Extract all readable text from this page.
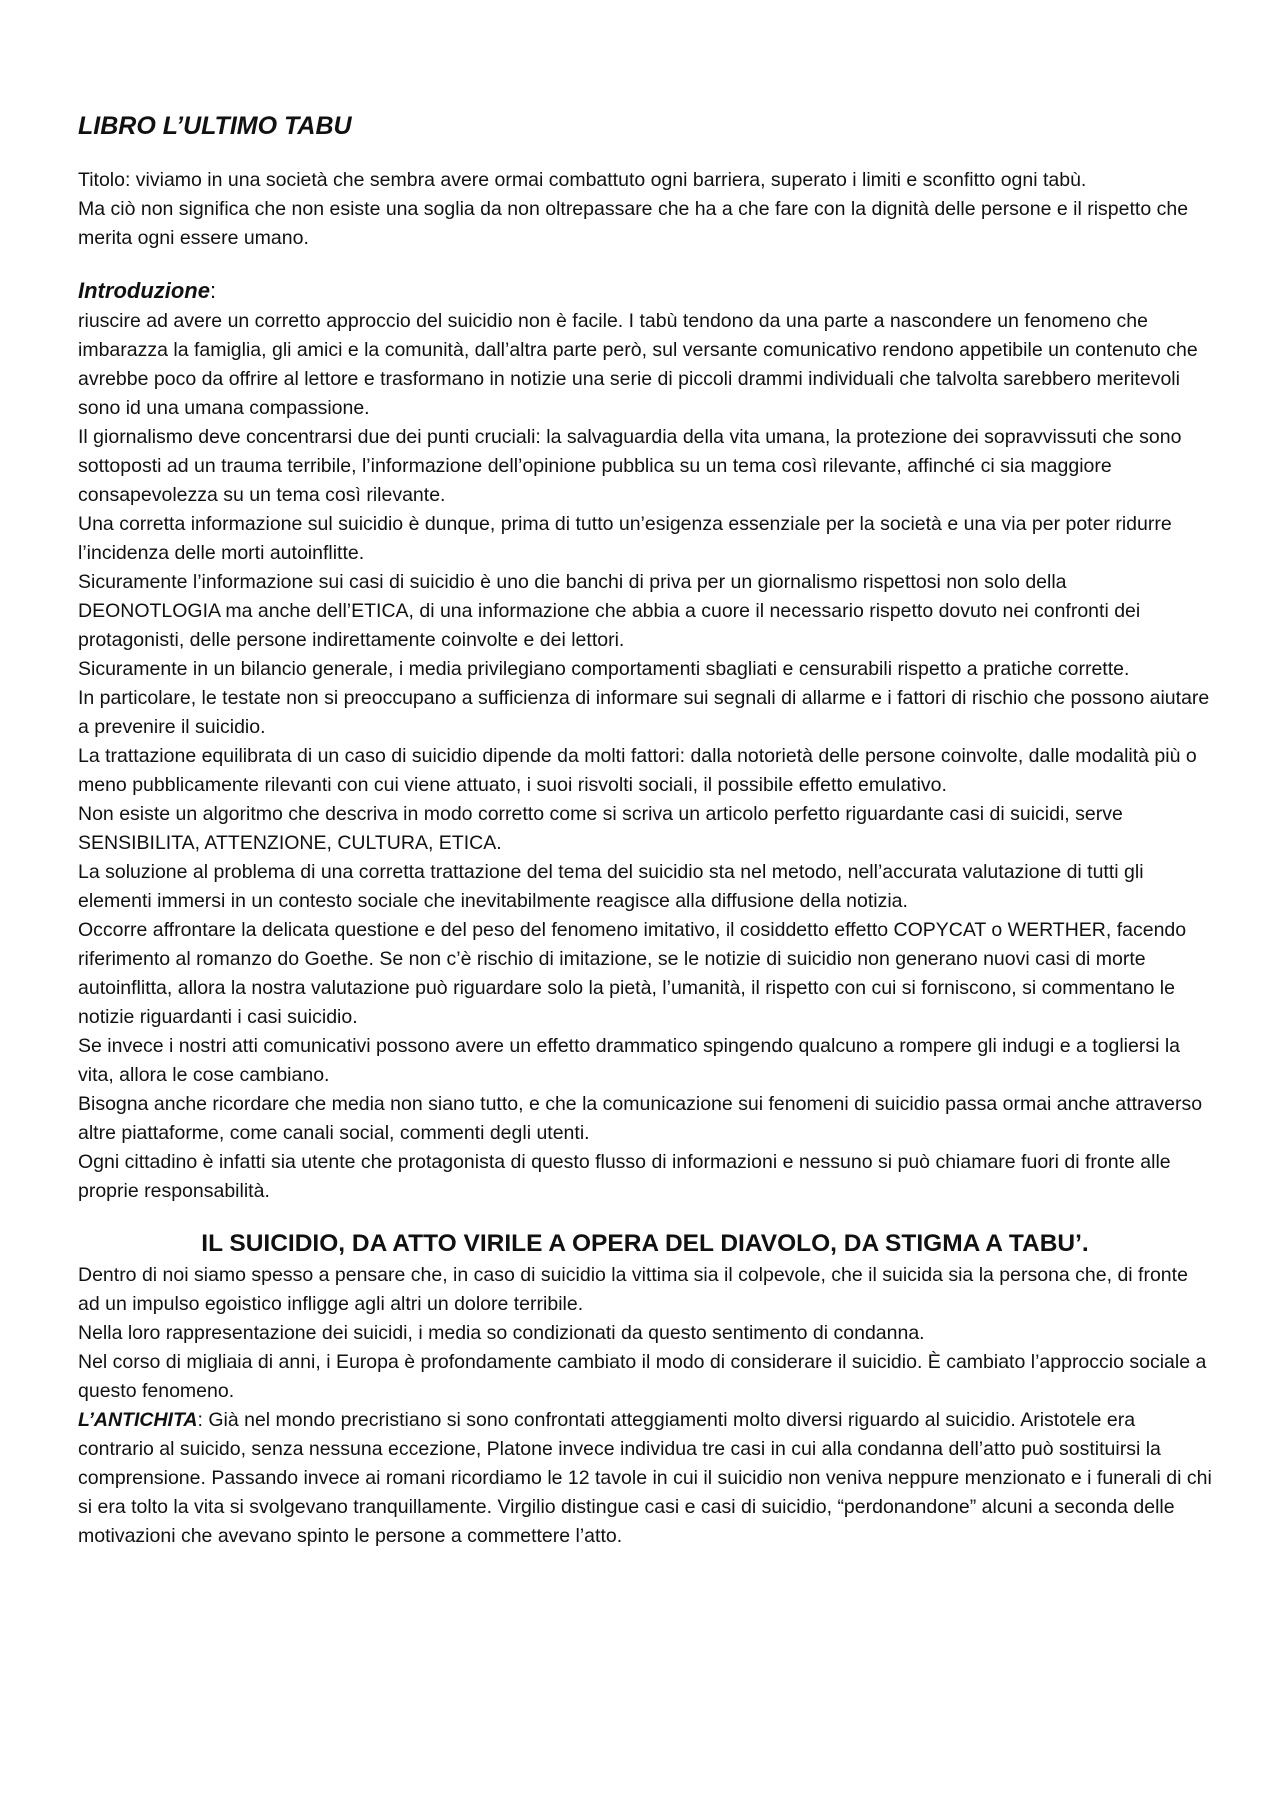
LIBRO L’ULTIMO TABU

Titolo: viviamo in una società che sembra avere ormai combattuto ogni barriera, superato i limiti e sconfitto ogni tabù.

Ma ciò non significa che non esiste una soglia da non oltrepassare che ha a che fare con la dignità delle persone e il rispetto che merita ogni essere umano.

Introduzione:

riuscire ad avere un corretto approccio del suicidio non è facile. I tabù tendono da una parte a nascondere un fenomeno che imbarazza la famiglia, gli amici e la comunità, dall’altra parte però, sul versante comunicativo rendono appetibile un contenuto che avrebbe poco da offrire al lettore e trasformano in notizie una serie di piccoli drammi individuali che talvolta sarebbero meritevoli sono id una umana compassione.

Il giornalismo deve concentrarsi due dei punti cruciali: la salvaguardia della vita umana, la protezione dei sopravvissuti che sono sottoposti ad un trauma terribile, l’informazione dell’opinione pubblica su un tema così rilevante, affinché ci sia maggiore consapevolezza su un tema così rilevante.

Una corretta informazione sul suicidio è dunque, prima di tutto un’esigenza essenziale per la società e una via per poter ridurre l’incidenza delle morti autoinflitte.

Sicuramente l’informazione sui casi di suicidio è uno die banchi di priva per un giornalismo rispettosi non solo della DEONOTLOGIA ma anche dell’ETICA, di una informazione che abbia a cuore il necessario rispetto dovuto nei confronti dei protagonisti, delle persone indirettamente coinvolte e dei lettori.

Sicuramente in un bilancio generale, i media privilegiano comportamenti sbagliati e censurabili rispetto a pratiche corrette.

In particolare, le testate non si preoccupano a sufficienza di informare sui segnali di allarme e i fattori di rischio che possono aiutare a prevenire il suicidio.

La trattazione equilibrata di un caso di suicidio dipende da molti fattori: dalla notorietà delle persone coinvolte, dalle modalità più o meno pubblicamente rilevanti con cui viene attuato, i suoi risvolti sociali, il possibile effetto emulativo.

Non esiste un algoritmo che descriva in modo corretto come si scriva un articolo perfetto riguardante casi di suicidi, serve SENSIBILITA, ATTENZIONE, CULTURA, ETICA.

La soluzione al problema di una corretta trattazione del tema del suicidio sta nel metodo, nell’accurata valutazione di tutti gli elementi immersi in un contesto sociale che inevitabilmente reagisce alla diffusione della notizia.

Occorre affrontare la delicata questione e del peso del fenomeno imitativo, il cosiddetto effetto COPYCAT o WERTHER, facendo riferimento al romanzo do Goethe. Se non c’è rischio di imitazione, se le notizie di suicidio non generano nuovi casi di morte autoinflitta, allora la nostra valutazione può riguardare solo la pietà, l’umanità, il rispetto con cui si forniscono, si commentano le notizie riguardanti i casi suicidio.

Se invece i nostri atti comunicativi possono avere un effetto drammatico spingendo qualcuno a rompere gli indugi e a togliersi la vita, allora le cose cambiano.

Bisogna anche ricordare che media non siano tutto, e che la comunicazione sui fenomeni di suicidio passa ormai anche attraverso altre piattaforme, come canali social, commenti degli utenti.

Ogni cittadino è infatti sia utente che protagonista di questo flusso di informazioni e nessuno si può chiamare fuori di fronte alle proprie responsabilità.

IL SUICIDIO, DA ATTO VIRILE A OPERA DEL DIAVOLO, DA STIGMA A TABU’.

Dentro di noi siamo spesso a pensare che, in caso di suicidio la vittima sia il colpevole, che il suicida sia la persona che, di fronte ad un impulso egoistico infligge agli altri un dolore terribile.

Nella loro rappresentazione dei suicidi, i media so condizionati da questo sentimento di condanna.

Nel corso di migliaia di anni, i Europa è profondamente cambiato il modo di considerare il suicidio. È cambiato l’approccio sociale a questo fenomeno.

L’ANTICHITA: Già nel mondo precristiano si sono confrontati atteggiamenti molto diversi riguardo al suicidio. Aristotele era contrario al suicido, senza nessuna eccezione, Platone invece individua tre casi in cui alla condanna dell’atto può sostituirsi la comprensione. Passando invece ai romani ricordiamo le 12 tavole in cui il suicidio non veniva neppure menzionato e i funerali di chi si era tolto la vita si svolgevano tranquillamente. Virgilio distingue casi e casi di suicidio, “perdonandone” alcuni a seconda delle motivazioni che avevano spinto le persone a commettere l’atto.
